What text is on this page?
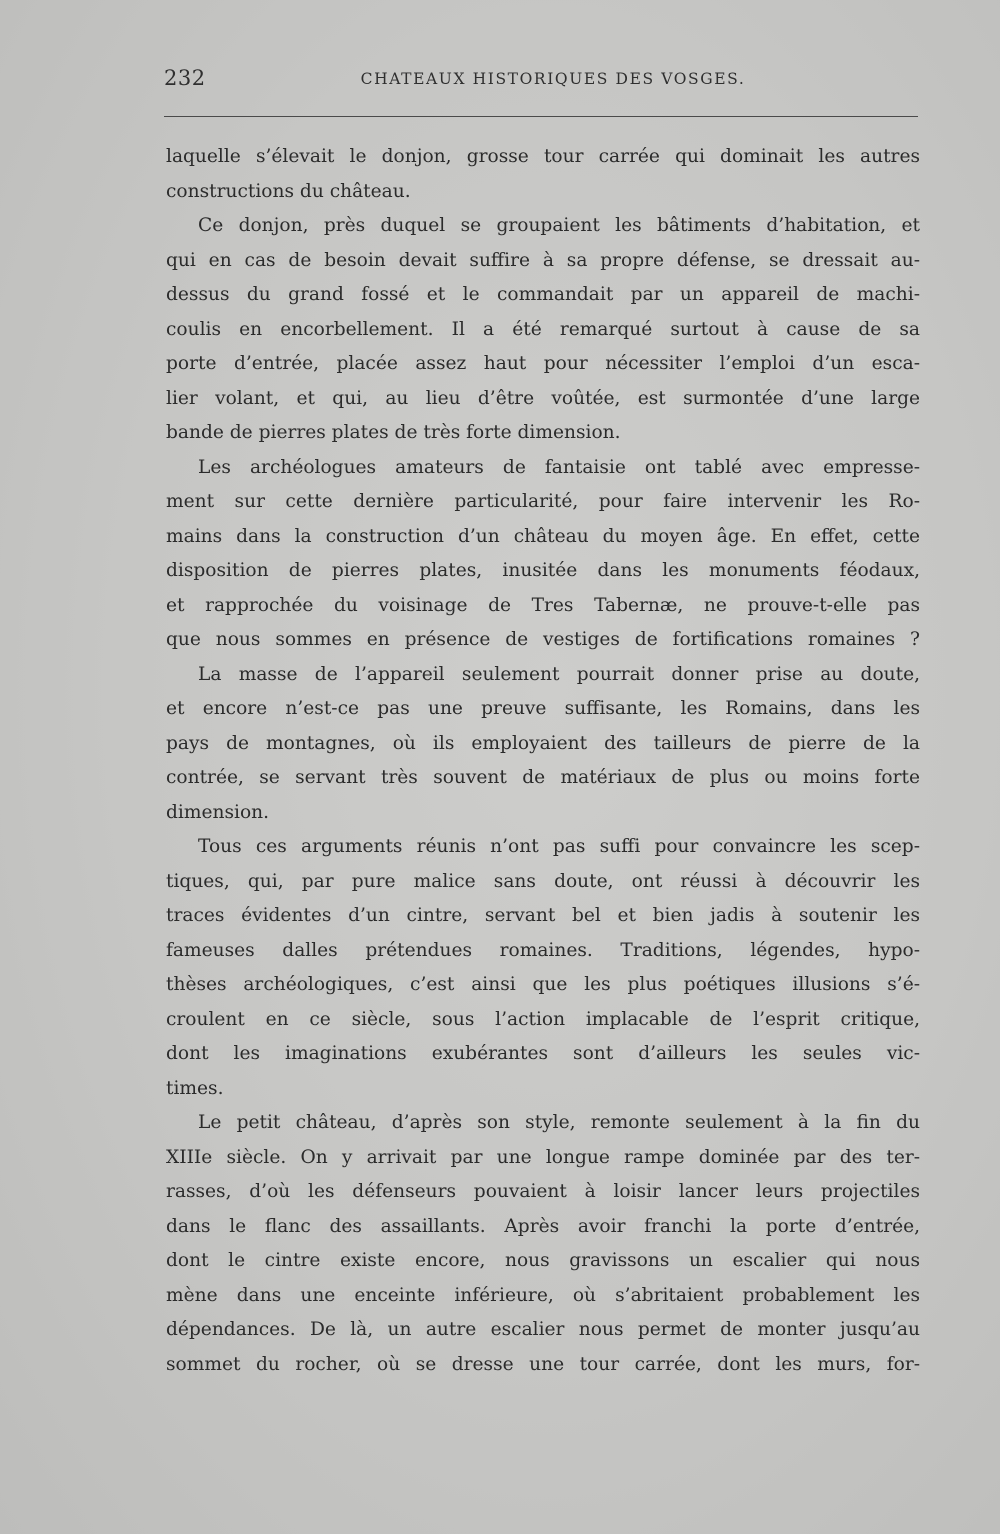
232	CHATEAUX HISTORIQUES DES VOSGES.
laquelle s’élevait le donjon, grosse tour carrée qui dominait les autres
constructions du château.
Ce donjon, près duquel se groupaient les bâtiments d’habitation, et
qui en cas de besoin devait suffire à sa propre défense, se dressait au-
dessus du grand fossé et le commandait par un appareil de machi-
coulis en encorbellement. Il a été remarqué surtout à cause de sa
porte d’entrée, placée assez haut pour nécessiter l’emploi d’un esca-
lier volant, et qui, au lieu d’être voûtée, est surmontée d’une large
bande de pierres plates de très forte dimension.
Les archéologues amateurs de fantaisie ont tablé avec empresse-
ment sur cette dernière particularité, pour faire intervenir les Ro-
mains dans la construction d’un château du moyen âge. En effet, cette
disposition de pierres plates, inusitée dans les monuments féodaux,
et rapprochée du voisinage de Tres Tabernæ, ne prouve-t-elle pas
que nous sommes en présence de vestiges de fortifications romaines ?
La masse de l’appareil seulement pourrait donner prise au doute,
et encore n’est-ce pas une preuve suffisante, les Romains, dans les
pays de montagnes, où ils employaient des tailleurs de pierre de la
contrée, se servant très souvent de matériaux de plus ou moins forte
dimension.
Tous ces arguments réunis n’ont pas suffi pour convaincre les scep-
tiques, qui, par pure malice sans doute, ont réussi à découvrir les
traces évidentes d’un cintre, servant bel et bien jadis à soutenir les
fameuses dalles prétendues romaines. Traditions, légendes, hypo-
thèses archéologiques, c’est ainsi que les plus poétiques illusions s’é-
croulent en ce siècle, sous l’action implacable de l’esprit critique,
dont les imaginations exubérantes sont d’ailleurs les seules vic-
times.
Le petit château, d’après son style, remonte seulement à la fin du
XIIIe siècle. On y arrivait par une longue rampe dominée par des ter-
rasses, d’où les défenseurs pouvaient à loisir lancer leurs projectiles
dans le flanc des assaillants. Après avoir franchi la porte d’entrée,
dont le cintre existe encore, nous gravissons un escalier qui nous
mène dans une enceinte inférieure, où s’abritaient probablement les
dépendances. De là, un autre escalier nous permet de monter jusqu’au
sommet du rocher, où se dresse une tour carrée, dont les murs, for-
